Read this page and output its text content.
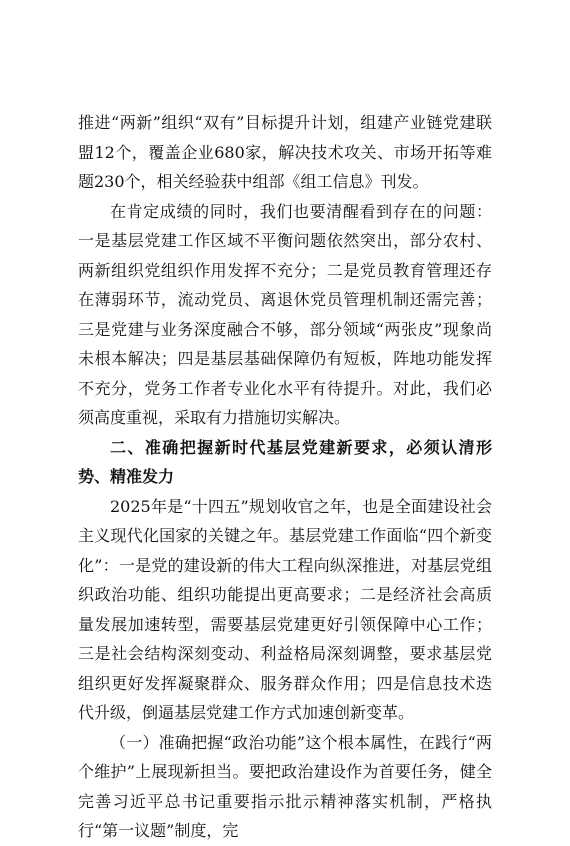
推进“两新”组织“双有”目标提升计划，组建产业链党建联盟12个，覆盖企业680家，解决技术攻关、市场开拓等难题230个，相关经验获中组部《组工信息》刊发。

在肯定成绩的同时，我们也要清醒看到存在的问题：一是基层党建工作区域不平衡问题依然突出，部分农村、两新组织党组织作用发挥不充分；二是党员教育管理还存在薄弱环节，流动党员、离退休党员管理机制还需完善；三是党建与业务深度融合不够，部分领域“两张皮”现象尚未根本解决；四是基层基础保障仍有短板，阵地功能发挥不充分，党务工作者专业化水平有待提升。对此，我们必须高度重视，采取有力措施切实解决。

二、准确把握新时代基层党建新要求，必须认清形势、精准发力

2025年是“十四五”规划收官之年，也是全面建设社会主义现代化国家的关键之年。基层党建工作面临“四个新变化”：一是党的建设新的伟大工程向纵深推进，对基层党组织政治功能、组织功能提出更高要求；二是经济社会高质量发展加速转型，需要基层党建更好引领保障中心工作；三是社会结构深刻变动、利益格局深刻调整，要求基层党组织更好发挥凝聚群众、服务群众作用；四是信息技术迭代升级，倒逼基层党建工作方式加速创新变革。

（一）准确把握“政治功能”这个根本属性，在践行“两个维护”上展现新担当。要把政治建设作为首要任务，健全完善习近平总书记重要指示批示精神落实机制，严格执行“第一议题”制度，完
